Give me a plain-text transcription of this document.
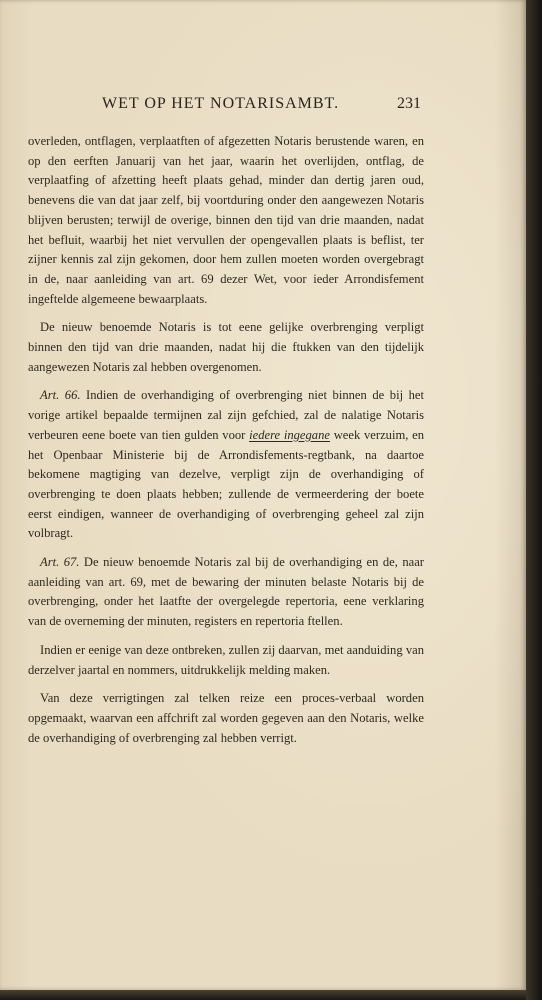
WET OP HET NOTARISAMBT.	231

overleden, ontflagen, verplaatften of afgezetten Notaris berustende waren, en op den eerften Januarij van het jaar, waarin het overlijden, ontflag, de verplaatfing of afzetting heeft plaats gehad, minder dan dertig jaren oud, benevens die van dat jaar zelf, bij voortduring onder den aangewezen Notaris blijven berusten; terwijl de overige, binnen den tijd van drie maanden, nadat het befluit, waarbij het niet vervullen der opengevallen plaats is beflist, ter zijner kennis zal zijn gekomen, door hem zullen moeten worden overgebragt in de, naar aanleiding van art. 69 dezer Wet, voor ieder Arrondisfement ingeftelde algemeene bewaarplaats.

De nieuw benoemde Notaris is tot eene gelijke overbrenging verpligt binnen den tijd van drie maanden, nadat hij die ftukken van den tijdelijk aangewezen Notaris zal hebben overgenomen.

Art. 66. Indien de overhandiging of overbrenging niet binnen de bij het vorige artikel bepaalde termijnen zal zijn gefchied, zal de nalatige Notaris verbeuren eene boete van tien gulden voor iedere ingegane week verzuim, en het Openbaar Ministerie bij de Arrondisfements-regtbank, na daartoe bekomene magtiging van dezelve, verpligt zijn de overhandiging of overbrenging te doen plaats hebben; zullende de vermeerdering der boete eerst eindigen, wanneer de overhandiging of overbrenging geheel zal zijn volbragt.

Art. 67. De nieuw benoemde Notaris zal bij de overhandiging en de, naar aanleiding van art. 69, met de bewaring der minuten belaste Notaris bij de overbrenging, onder het laatfte der overgelegde repertoria, eene verklaring van de overneming der minuten, registers en repertoria ftellen.

Indien er eenige van deze ontbreken, zullen zij daarvan, met aanduiding van derzelver jaartal en nommers, uitdrukkelijk melding maken.

Van deze verrigtingen zal telken reize een proces-verbaal worden opgemaakt, waarvan een affchrift zal worden gegeven aan den Notaris, welke de overhandiging of overbrenging zal hebben verrigt.
